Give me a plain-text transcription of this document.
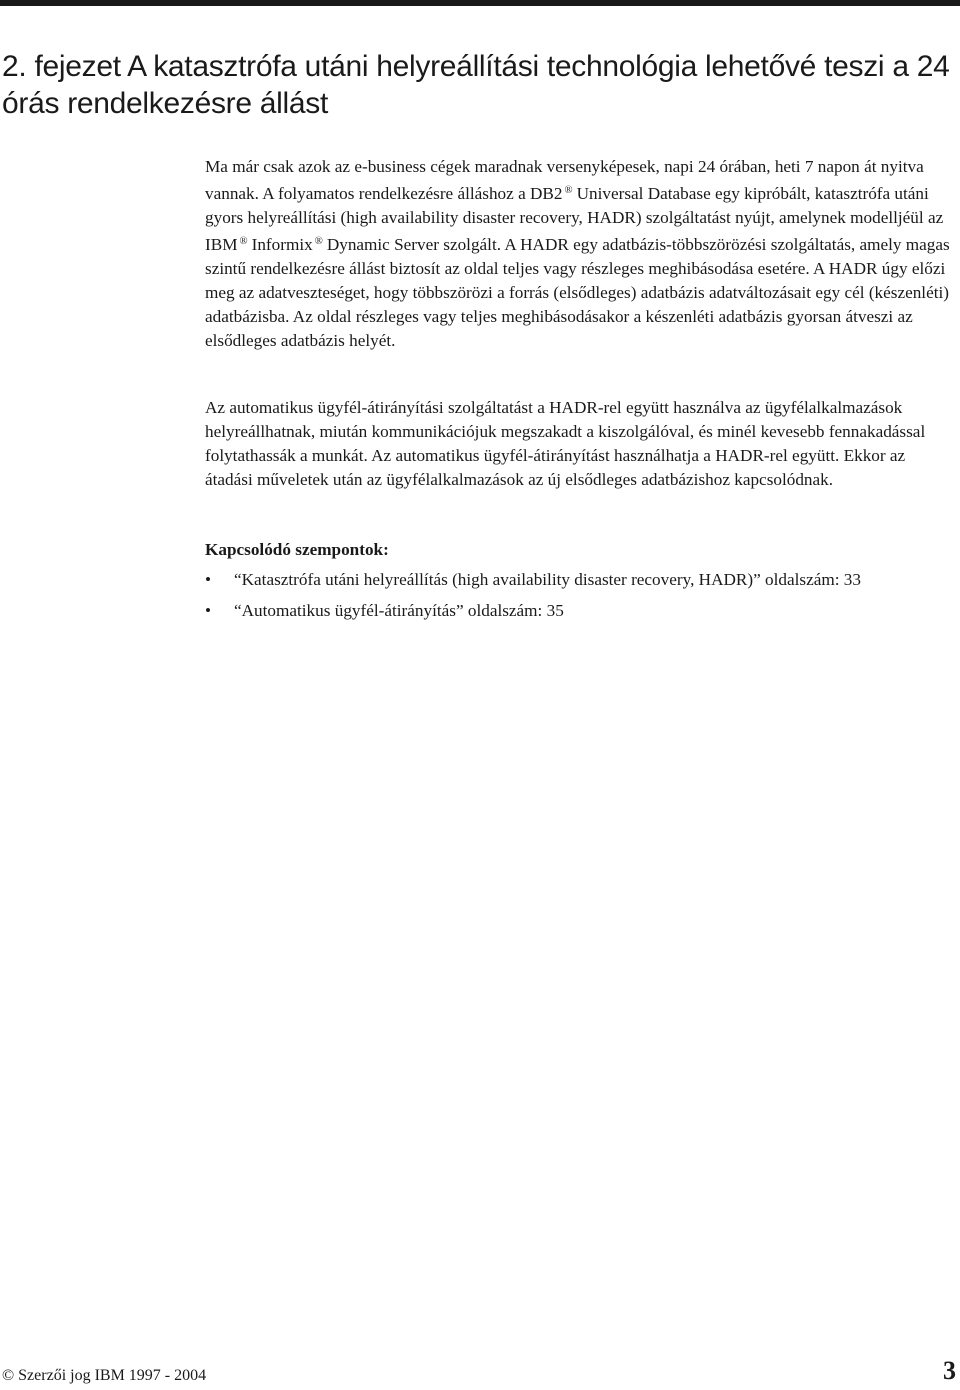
2. fejezet A katasztrófa utáni helyreállítási technológia lehetővé teszi a 24 órás rendelkezésre állást

Ma már csak azok az e-business cégek maradnak versenyképesek, napi 24 órában, heti 7 napon át nyitva vannak. A folyamatos rendelkezésre álláshoz a DB2 ® Universal Database egy kipróbált, katasztrófa utáni gyors helyreállítási (high availability disaster recovery, HADR) szolgáltatást nyújt, amelynek modelljéül az IBM ® Informix ® Dynamic Server szolgált. A HADR egy adatbázis-többszörözési szolgáltatás, amely magas szintű rendelkezésre állást biztosít az oldal teljes vagy részleges meghibásodása esetére. A HADR úgy előzi meg az adatveszteséget, hogy többszörözi a forrás (elsődleges) adatbázis adatváltozásait egy cél (készenléti) adatbázisba. Az oldal részleges vagy teljes meghibásodásakor a készenléti adatbázis gyorsan átveszi az elsődleges adatbázis helyét.

Az automatikus ügyfél-átirányítási szolgáltatást a HADR-rel együtt használva az ügyfélalkalmazások helyreállhatnak, miután kommunikációjuk megszakadt a kiszolgálóval, és minél kevesebb fennakadással folytathassák a munkát. Az automatikus ügyfél-átirányítást használhatja a HADR-rel együtt. Ekkor az átadási műveletek után az ügyfélalkalmazások az új elsődleges adatbázishoz kapcsolódnak.

Kapcsolódó szempontok:

• “Katasztrófa utáni helyreállítás (high availability disaster recovery, HADR)” oldalszám: 33
• “Automatikus ügyfél-átirányítás” oldalszám: 35
© Szerzői jog IBM 1997 - 2004	3
